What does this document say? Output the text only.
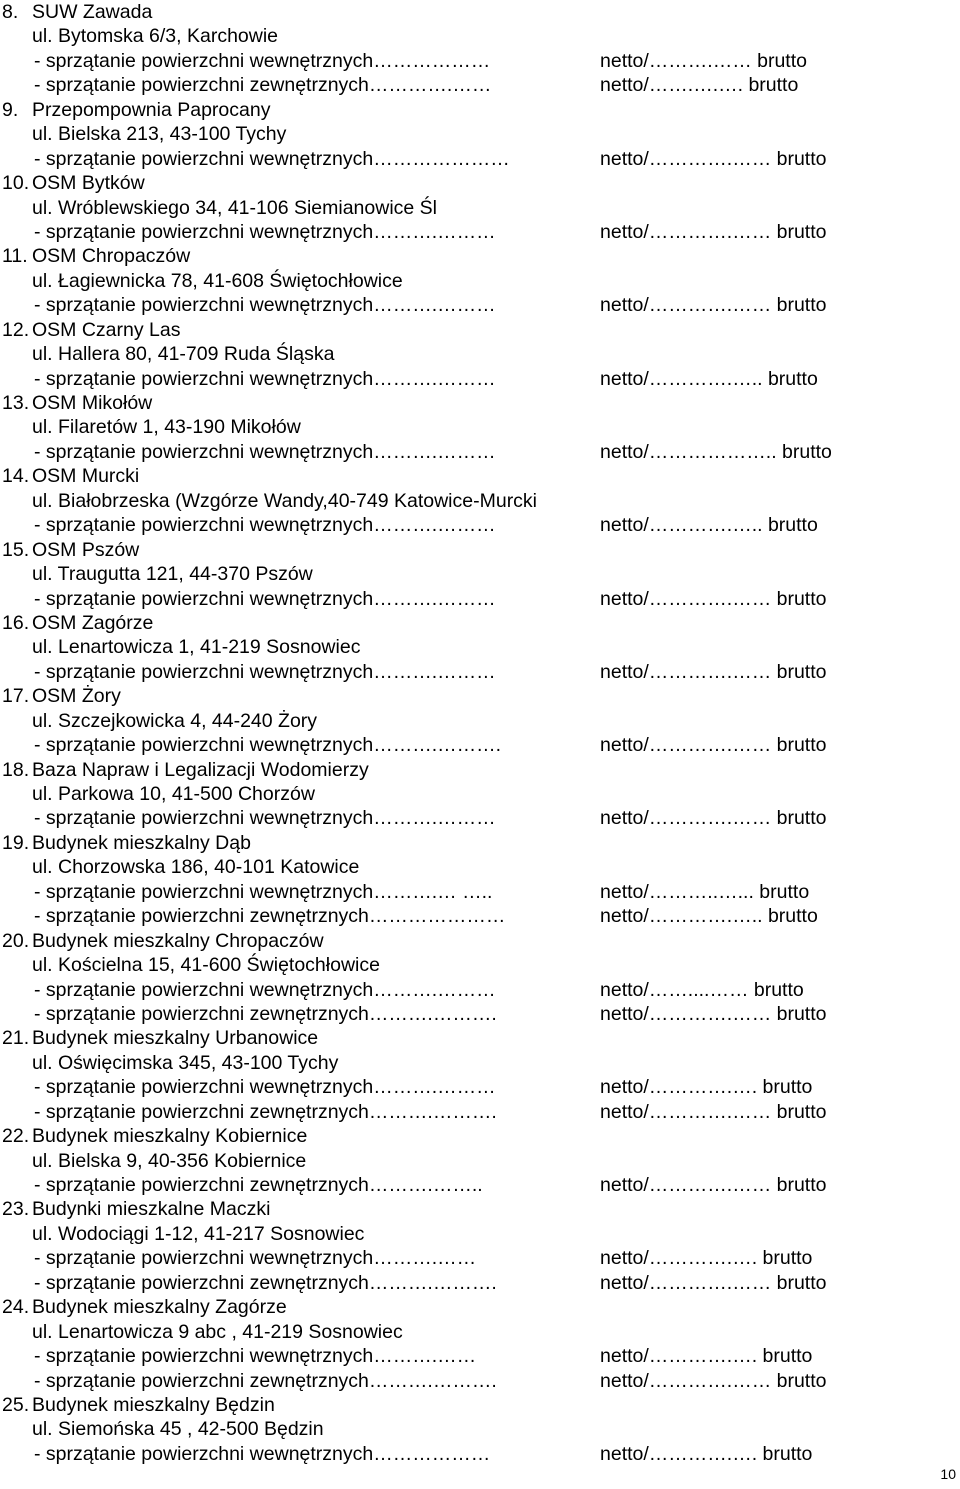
8. SUW Zawada
ul. Bytomska 6/3, Karchowie
- sprzątanie powierzchni wewnętrznych………………	netto/……….…… brutto
- sprzątanie powierzchni zewnętrznych………….……	netto/…….….…. brutto
9. Przepompownia Paprocany
ul. Bielska 213, 43-100 Tychy
- sprzątanie powierzchni wewnętrznych…………………	netto/………….…… brutto
10. OSM Bytków
ul. Wróblewskiego 34, 41-106 Siemianowice Śl
- sprzątanie powierzchni wewnętrznych……….………	netto/………….…… brutto
11. OSM Chropaczów
ul. Łagiewnicka 78, 41-608 Świętochłowice
- sprzątanie powierzchni wewnętrznych……….………	netto/………….…… brutto
12. OSM Czarny Las
ul. Hallera 80, 41-709 Ruda Śląska
- sprzątanie powierzchni wewnętrznych……….………	netto/………….….. brutto
13. OSM Mikołów
ul. Filaretów 1, 43-190 Mikołów
- sprzątanie powierzchni wewnętrznych……….………	netto/……………….. brutto
14. OSM Murcki
ul. Białobrzeska (Wzgórze Wandy,40-749 Katowice-Murcki
- sprzątanie powierzchni wewnętrznych……….………	netto/………….….. brutto
15. OSM Pszów
ul. Traugutta 121, 44-370 Pszów
- sprzątanie powierzchni wewnętrznych……….………	netto/………….…… brutto
16. OSM Zagórze
ul. Lenartowicza 1, 41-219 Sosnowiec
- sprzątanie powierzchni wewnętrznych……….………	netto/………….…… brutto
17. OSM Żory
ul. Szczejkowicka 4, 44-240 Żory
- sprzątanie powierzchni wewnętrznych……….……….	netto/………….…… brutto
18. Baza Napraw i Legalizacji Wodomierzy
ul. Parkowa 10, 41-500 Chorzów
- sprzątanie powierzchni wewnętrznych……….………	netto/………….…… brutto
19. Budynek mieszkalny Dąb
ul. Chorzowska 186, 40-101 Katowice
- sprzątanie powierzchni wewnętrznych……….… …..	netto/………..…... brutto
- sprzątanie powierzchni zewnętrznych…………………	netto/………….….. brutto
20. Budynek mieszkalny Chropaczów
ul. Kościelna 15, 41-600 Świętochłowice
- sprzątanie powierzchni wewnętrznych……….………	netto/……....…… brutto
- sprzątanie powierzchni zewnętrznych……….……….	netto/………….…… brutto
21. Budynek mieszkalny Urbanowice
ul. Oświęcimska 345, 43-100 Tychy
- sprzątanie powierzchni wewnętrznych……….………	netto/………….…. brutto
- sprzątanie powierzchni zewnętrznych……….……….	netto/………….…… brutto
22. Budynek mieszkalny Kobiernice
ul. Bielska 9, 40-356 Kobiernice
- sprzątanie powierzchni zewnętrznych……….……..	netto/………….…… brutto
23. Budynki mieszkalne Maczki
ul. Wodociągi 1-12, 41-217 Sosnowiec
- sprzątanie powierzchni wewnętrznych……….……	netto/………….…. brutto
- sprzątanie powierzchni zewnętrznych……….……….	netto/………….…… brutto
24. Budynek mieszkalny Zagórze
ul. Lenartowicza 9 abc , 41-219 Sosnowiec
- sprzątanie powierzchni wewnętrznych……….……	netto/………….…. brutto
- sprzątanie powierzchni zewnętrznych……….……….	netto/………….…… brutto
25. Budynek mieszkalny Będzin
ul. Siemońska 45 , 42-500 Będzin
- sprzątanie powierzchni wewnętrznych………………	netto/………….…. brutto
10
